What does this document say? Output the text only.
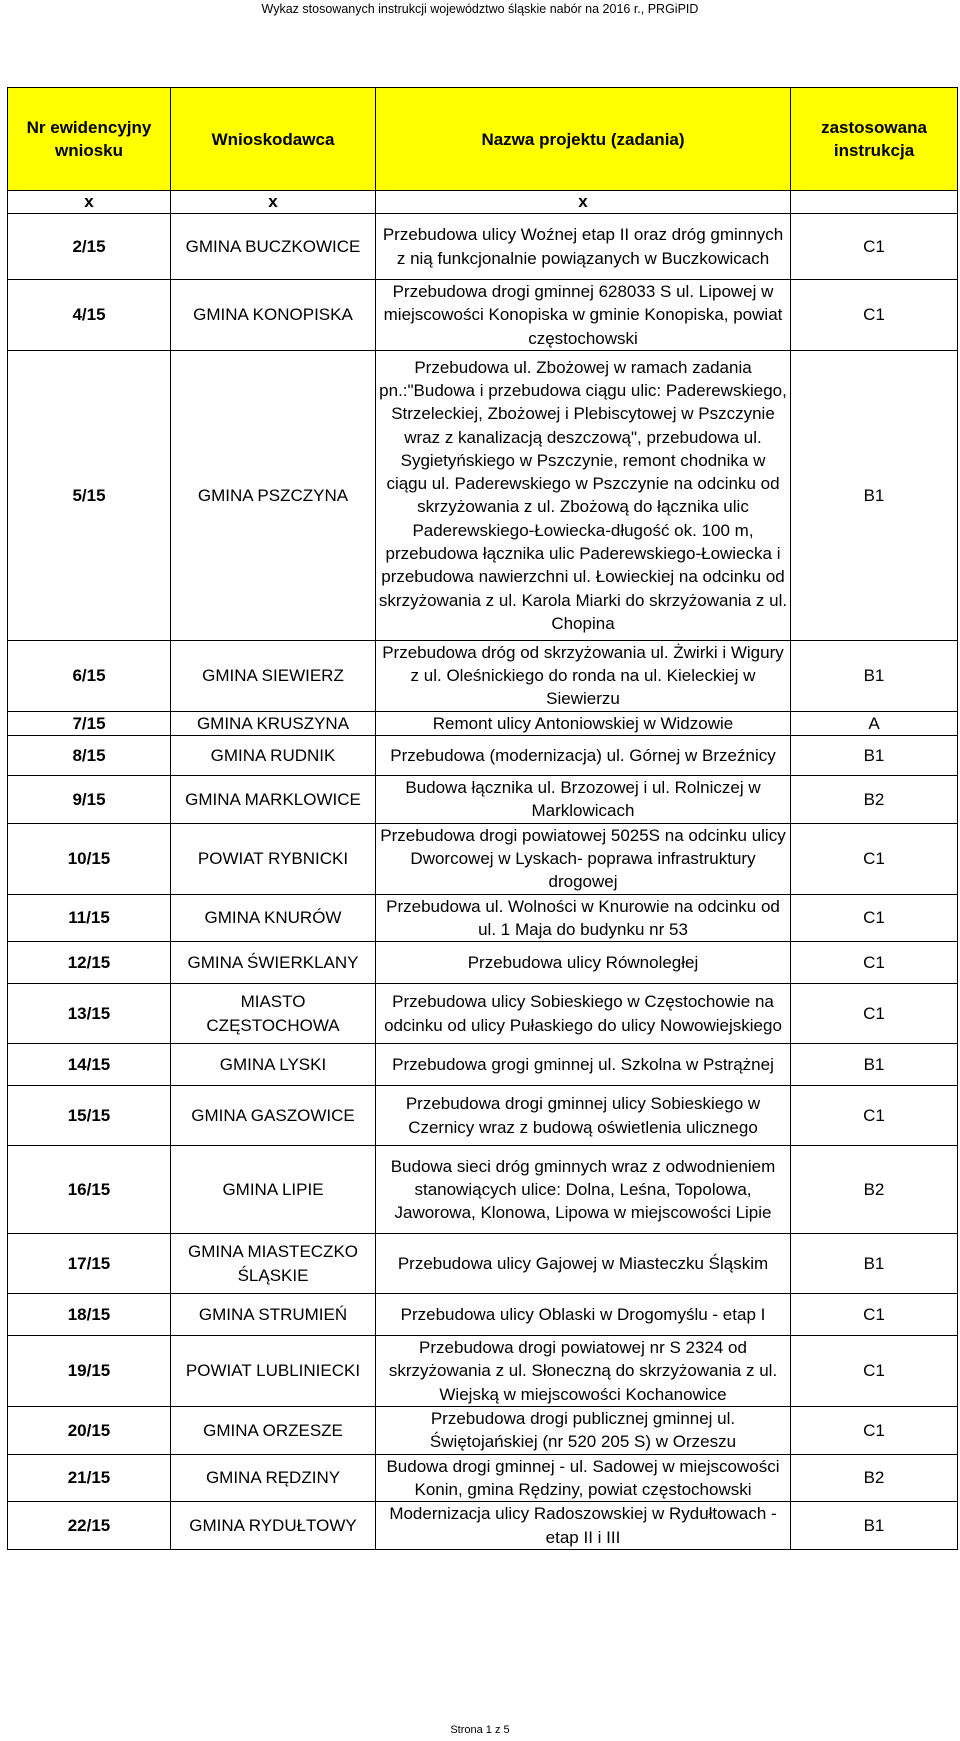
Wykaz stosowanych instrukcji województwo śląskie nabór na 2016 r., PRGiPID
Nr ewidencyjny wniosku	Wnioskodawca	Nazwa projektu (zadania)	zastosowana instrukcja
x	x	x	
2/15	GMINA BUCZKOWICE	Przebudowa ulicy Woźnej etap II oraz dróg gminnych z nią funkcjonalnie powiązanych w Buczkowicach	C1
4/15	GMINA KONOPISKA	Przebudowa drogi gminnej 628033 S ul. Lipowej w miejscowości Konopiska w gminie Konopiska, powiat częstochowski	C1
5/15	GMINA PSZCZYNA	Przebudowa ul. Zbożowej w ramach zadania pn.:"Budowa i przebudowa ciągu ulic: Paderewskiego, Strzeleckiej, Zbożowej i Plebiscytowej w Pszczynie wraz z kanalizacją deszczową", przebudowa ul. Sygietyńskiego w Pszczynie, remont chodnika w ciągu ul. Paderewskiego w Pszczynie na odcinku od skrzyżowania z ul. Zbożową do łącznika ulic Paderewskiego-Łowiecka-długość ok. 100 m, przebudowa łącznika ulic Paderewskiego-Łowiecka i przebudowa nawierzchni ul. Łowieckiej na odcinku od skrzyżowania z ul. Karola Miarki do skrzyżowania z ul. Chopina	B1
6/15	GMINA SIEWIERZ	Przebudowa dróg od skrzyżowania ul. Żwirki i Wigury z ul. Oleśnickiego do ronda na ul. Kieleckiej w Siewierzu	B1
7/15	GMINA KRUSZYNA	Remont ulicy Antoniowskiej w Widzowie	A
8/15	GMINA RUDNIK	Przebudowa (modernizacja) ul. Górnej w Brzeźnicy	B1
9/15	GMINA MARKLOWICE	Budowa łącznika ul. Brzozowej i ul. Rolniczej w Marklowicach	B2
10/15	POWIAT RYBNICKI	Przebudowa drogi powiatowej 5025S na odcinku ulicy Dworcowej w Lyskach- poprawa infrastruktury drogowej	C1
11/15	GMINA KNURÓW	Przebudowa ul. Wolności w Knurowie na odcinku od ul. 1 Maja do budynku nr 53	C1
12/15	GMINA ŚWIERKLANY	Przebudowa ulicy Równoległej	C1
13/15	MIASTO CZĘSTOCHOWA	Przebudowa ulicy Sobieskiego w Częstochowie na odcinku od ulicy Pułaskiego do ulicy Nowowiejskiego	C1
14/15	GMINA LYSKI	Przebudowa grogi gminnej ul. Szkolna w Pstrążnej	B1
15/15	GMINA GASZOWICE	Przebudowa drogi gminnej ulicy Sobieskiego w Czernicy wraz z budową oświetlenia ulicznego	C1
16/15	GMINA LIPIE	Budowa sieci dróg gminnych wraz z odwodnieniem stanowiących ulice: Dolna, Leśna, Topolowa, Jaworowa, Klonowa, Lipowa w miejscowości Lipie	B2
17/15	GMINA MIASTECZKO ŚLĄSKIE	Przebudowa ulicy Gajowej w Miasteczku Śląskim	B1
18/15	GMINA STRUMIEŃ	Przebudowa ulicy Oblaski w Drogomyślu - etap I	C1
19/15	POWIAT LUBLINIECKI	Przebudowa drogi powiatowej nr S 2324 od skrzyżowania z ul. Słoneczną do skrzyżowania z ul. Wiejską w miejscowości Kochanowice	C1
20/15	GMINA ORZESZE	Przebudowa drogi publicznej gminnej ul. Świętojańskiej (nr 520 205 S) w Orzeszu	C1
21/15	GMINA RĘDZINY	Budowa drogi gminnej - ul. Sadowej w miejscowości Konin, gmina Rędziny, powiat częstochowski	B2
22/15	GMINA RYDUŁTOWY	Modernizacja ulicy Radoszowskiej w Rydułtowach - etap II i III	B1
Strona 1 z 5
